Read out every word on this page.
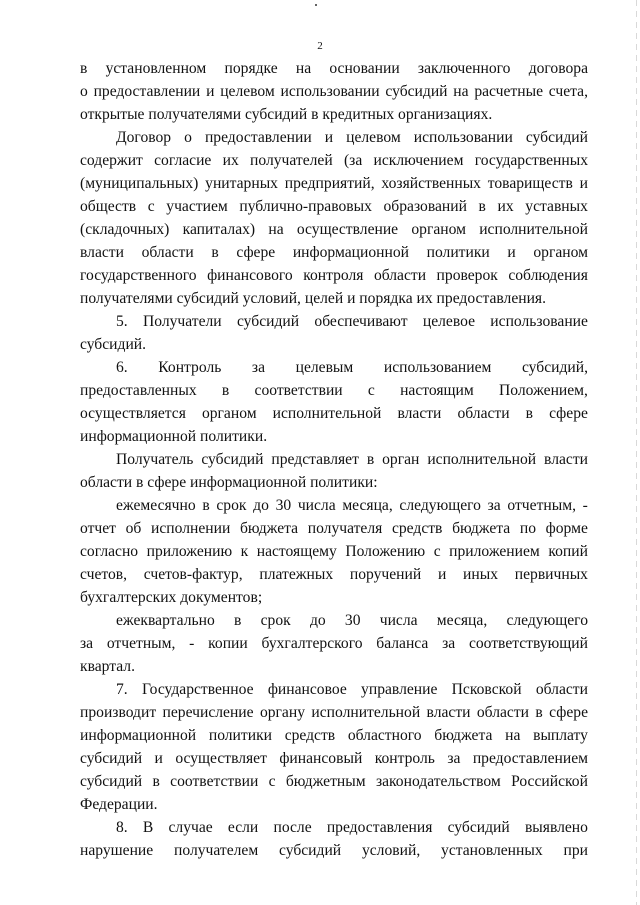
2
в установленном порядке на основании заключенного договора
о предоставлении и целевом использовании субсидий на расчетные счета,
открытые получателями субсидий в кредитных организациях.
Договор о предоставлении и целевом использовании субсидий
содержит согласие их получателей (за исключением государственных
(муниципальных) унитарных предприятий, хозяйственных товариществ и
обществ с участием публично-правовых образований в их уставных
(складочных) капиталах) на осуществление органом исполнительной
власти области в сфере информационной политики и органом
государственного финансового контроля области проверок соблюдения
получателями субсидий условий, целей и порядка их предоставления.
5. Получатели субсидий обеспечивают целевое использование
субсидий.
6. Контроль за целевым использованием субсидий,
предоставленных в соответствии с настоящим Положением,
осуществляется органом исполнительной власти области в сфере
информационной политики.
Получатель субсидий представляет в орган исполнительной власти
области в сфере информационной политики:
ежемесячно в срок до 30 числа месяца, следующего за отчетным, -
отчет об исполнении бюджета получателя средств бюджета по форме
согласно приложению к настоящему Положению с приложением копий
счетов, счетов-фактур, платежных поручений и иных первичных
бухгалтерских документов;
ежеквартально в срок до 30 числа месяца, следующего
за отчетным, - копии бухгалтерского баланса за соответствующий
квартал.
7. Государственное финансовое управление Псковской области
производит перечисление органу исполнительной власти области в сфере
информационной политики средств областного бюджета на выплату
субсидий и осуществляет финансовый контроль за предоставлением
субсидий в соответствии с бюджетным законодательством Российской
Федерации.
8. В случае если после предоставления субсидий выявлено
нарушение получателем субсидий условий, установленных при
